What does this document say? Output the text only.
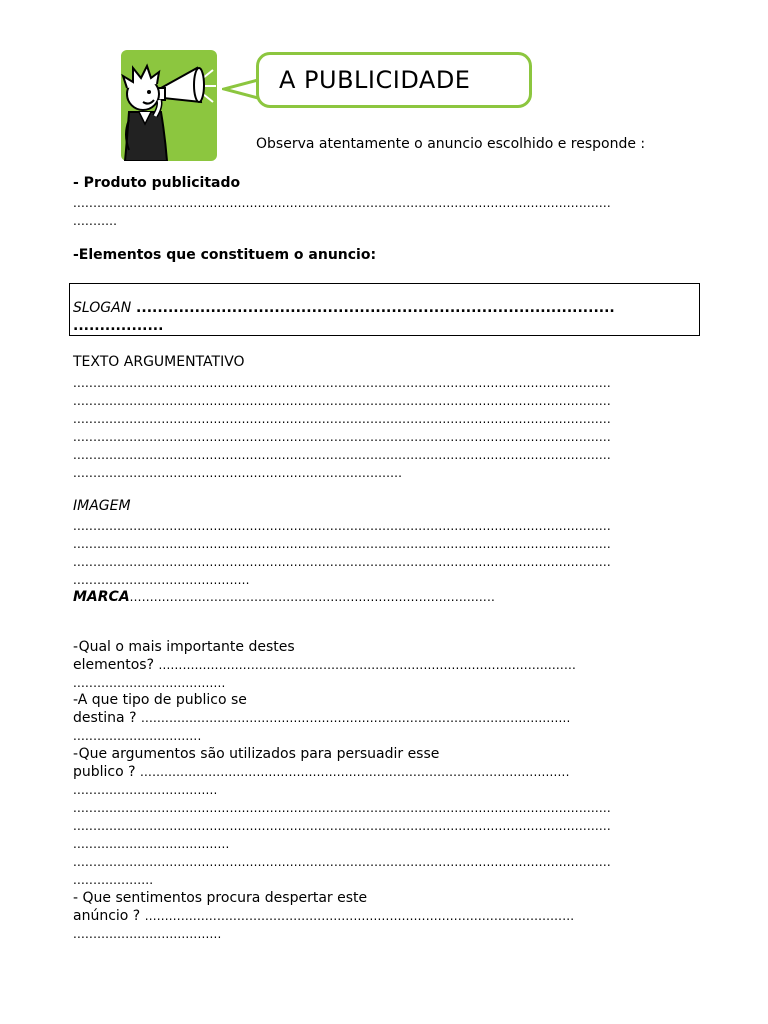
A PUBLICIDADE
Observa atentamente o anuncio escolhido e responde :
- Produto publicitado
......................................................................................................................................
...........
-Elementos que constituem o anuncio:
SLOGAN ..........................................................................................
.................
TEXTO ARGUMENTATIVO
......................................................................................................................................
......................................................................................................................................
......................................................................................................................................
......................................................................................................................................
......................................................................................................................................
..................................................................................
IMAGEM
......................................................................................................................................
......................................................................................................................................
......................................................................................................................................
............................................
MARCA...........................................................................................
-Qual o mais importante destes
elementos? ........................................................................................................
......................................
-A que tipo de publico se
destina ? ...........................................................................................................
................................
-Que argumentos são utilizados para persuadir esse
publico ? ...........................................................................................................
....................................
......................................................................................................................................
......................................................................................................................................
.......................................
......................................................................................................................................
....................
- Que sentimentos procura despertar este
anúncio ? ...........................................................................................................
.....................................
